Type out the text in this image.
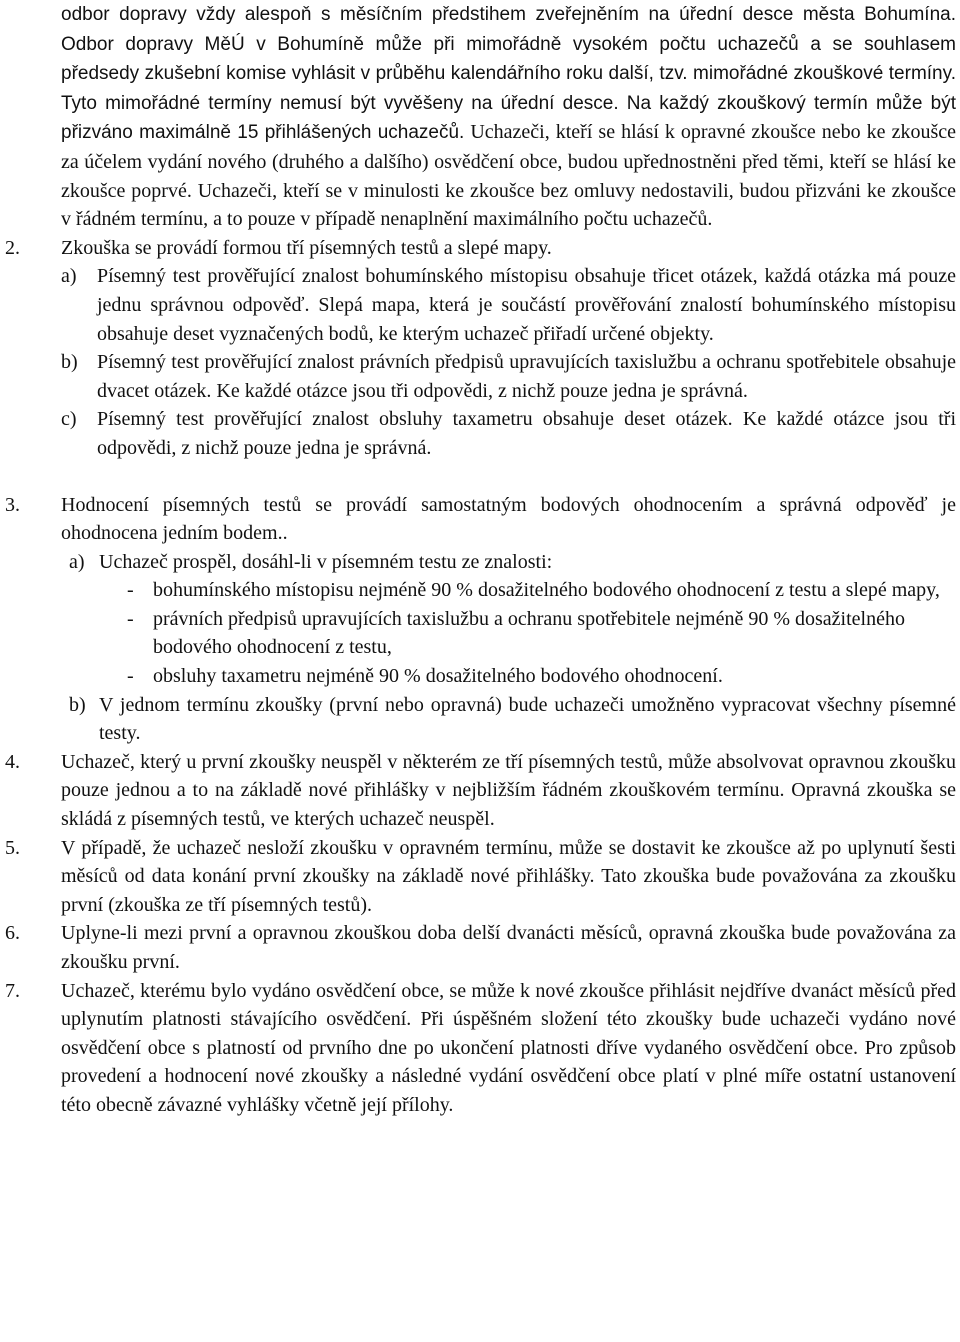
odbor dopravy vždy alespoň s měsíčním předstihem zveřejněním na úřední desce města Bohumína. Odbor dopravy MěÚ v Bohumíně může při mimořádně vysokém počtu uchazečů a se souhlasem předsedy zkušební komise vyhlásit v průběhu kalendářního roku další, tzv. mimořádné zkouškové termíny. Tyto mimořádné termíny nemusí být vyvěšeny na úřední desce. Na každý zkouškový termín může být přizváno maximálně 15 přihlášených uchazečů. Uchazeči, kteří se hlásí k opravné zkoušce nebo ke zkoušce za účelem vydání nového (druhého a dalšího) osvědčení obce, budou upřednostněni před těmi, kteří se hlásí ke zkoušce poprvé. Uchazeči, kteří se v minulosti ke zkoušce bez omluvy nedostavili, budou přizváni ke zkoušce v řádném termínu, a to pouze v případě nenaplnění maximálního počtu uchazečů.
2.	Zkouška se provádí formou tří písemných testů a slepé mapy.
a)	Písemný test prověřující znalost bohumínského místopisu obsahuje třicet otázek, každá otázka má pouze jednu správnou odpověď. Slepá mapa, která je součástí prověřování znalostí bohumínského místopisu obsahuje deset vyznačených bodů, ke kterým uchazeč přiřadí určené objekty.
b) Písemný test prověřující znalost právních předpisů upravujících taxislužbu a ochranu spotřebitele obsahuje dvacet otázek. Ke každé otázce jsou tři odpovědi, z nichž pouze jedna je správná.
c)	Písemný test prověřující znalost obsluhy taxametru obsahuje deset otázek. Ke každé otázce jsou tři odpovědi, z nichž pouze jedna je správná.
3.	Hodnocení písemných testů se provádí samostatným bodových ohodnocením a správná odpověď je ohodnocena jedním bodem..
a) Uchazeč prospěl, dosáhl-li v písemném testu ze znalosti:
- bohumínského místopisu nejméně 90 % dosažitelného bodového ohodnocení z testu a slepé mapy,
- právních předpisů upravujících taxislužbu a ochranu spotřebitele nejméně 90 % dosažitelného bodového ohodnocení z testu,
- obsluhy taxametru nejméně 90 % dosažitelného bodového ohodnocení.
b) V jednom termínu zkoušky (první nebo opravná) bude uchazeči umožněno vypracovat všechny písemné testy.
4.	Uchazeč, který u první zkoušky neuspěl v některém ze tří písemných testů, může absolvovat opravnou zkoušku pouze jednou a to na základě nové přihlášky v nejbližším řádném zkouškovém termínu. Opravná zkouška se skládá z písemných testů, ve kterých uchazeč neuspěl.
5.	V případě, že uchazeč nesloží zkoušku v opravném termínu, může se dostavit ke zkoušce až po uplynutí šesti měsíců od data konání první zkoušky na základě nové přihlášky. Tato zkouška bude považována za zkoušku první (zkouška ze tří písemných testů).
6.	Uplyne-li mezi první a opravnou zkouškou doba delší dvanácti měsíců, opravná zkouška bude považována za zkoušku první.
7.	Uchazeč, kterému bylo vydáno osvědčení obce, se může k nové zkoušce přihlásit nejdříve dvanáct měsíců před uplynutím platnosti stávajícího osvědčení. Při úspěšném složení této zkoušky bude uchazeči vydáno nové osvědčení obce s platností od prvního dne po ukončení platnosti dříve vydaného osvědčení obce. Pro způsob provedení a hodnocení nové zkoušky a následné vydání osvědčení obce platí v plné míře ostatní ustanovení této obecně závazné vyhlášky včetně její přílohy.
